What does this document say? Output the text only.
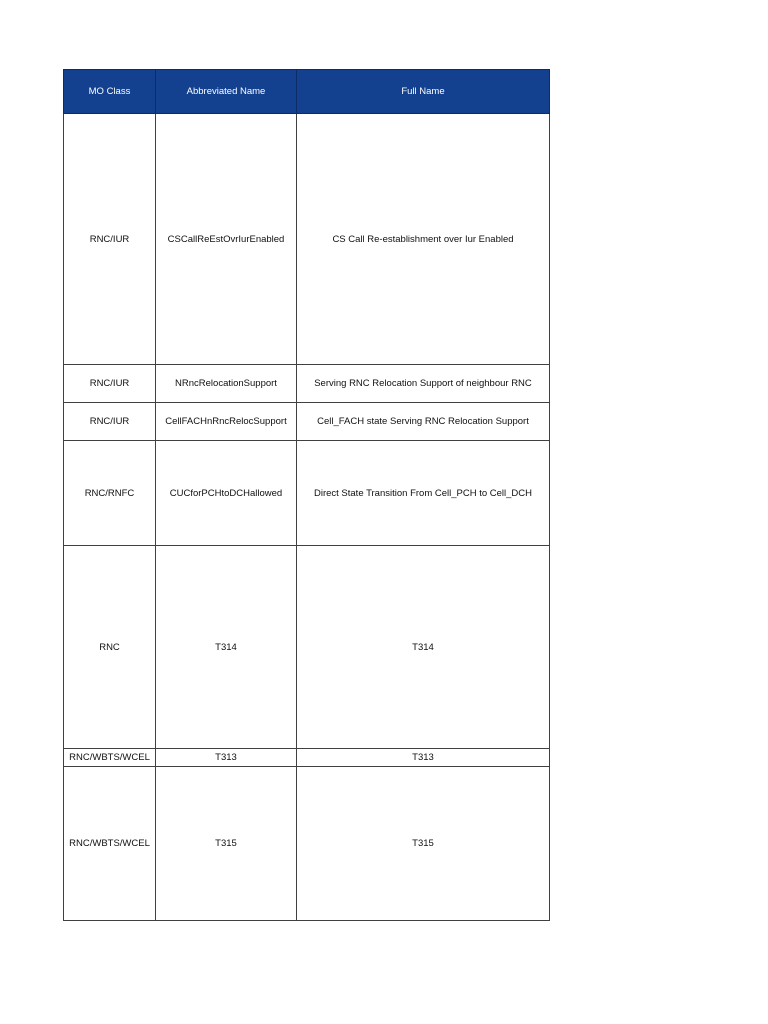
MO Class	Abbreviated Name	Full Name
RNC/IUR	CSCallReEstOvrIurEnabled	CS Call Re-establishment over Iur Enabled
RNC/IUR	NRncRelocationSupport	Serving RNC Relocation Support of neighbour RNC
RNC/IUR	CellFACHnRncRelocSupport	Cell_FACH state Serving RNC Relocation Support
RNC/RNFC	CUCforPCHtoDCHallowed	Direct State Transition From Cell_PCH to Cell_DCH
RNC	T314	T314
RNC/WBTS/WCEL	T313	T313
RNC/WBTS/WCEL	T315	T315
